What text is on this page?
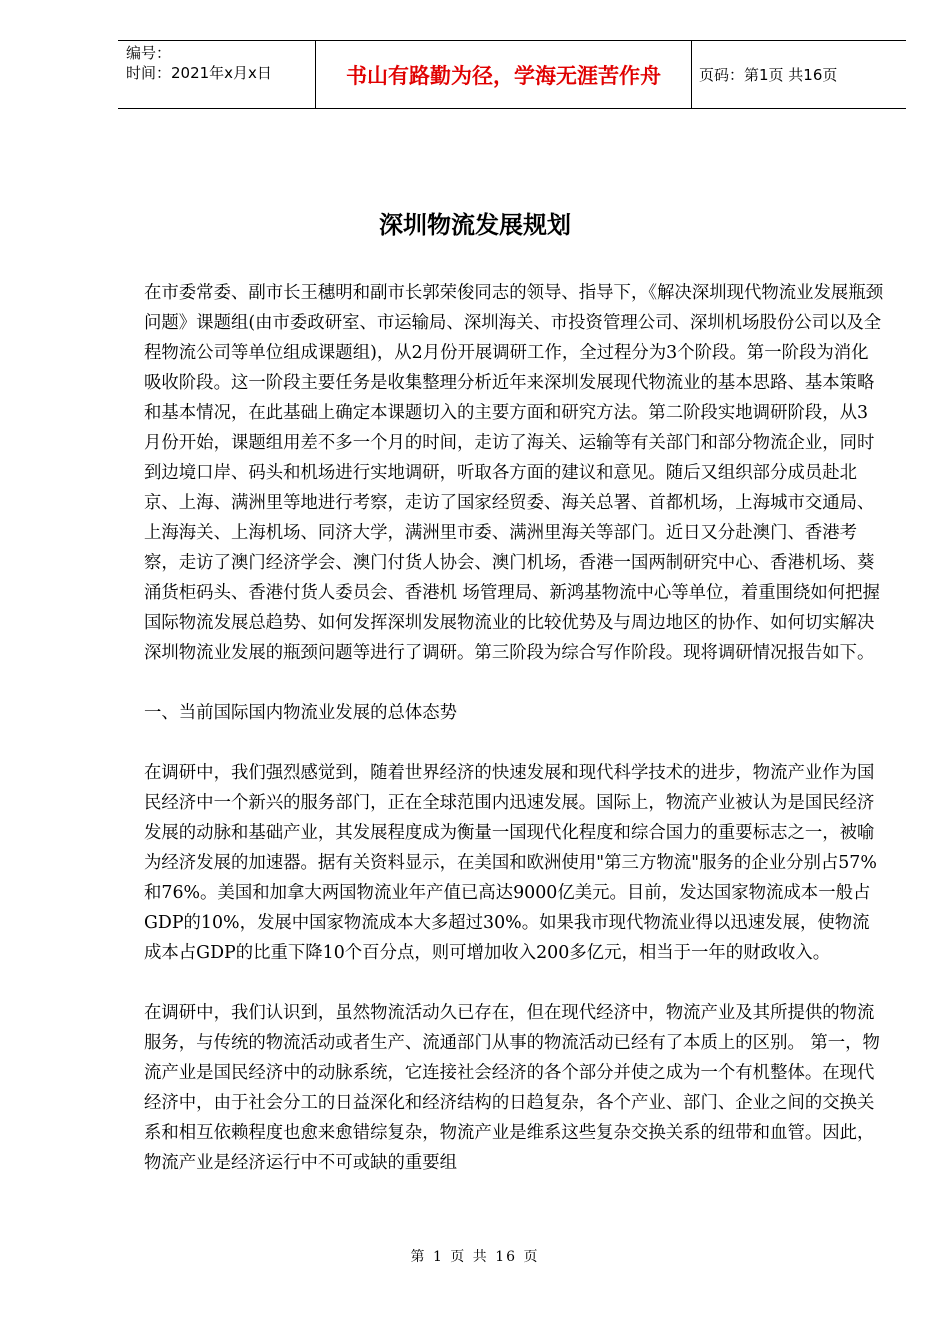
编号：
时间：2021年x月x日	书山有路勤为径，学海无涯苦作舟	页码：第1页 共16页
深圳物流发展规划

在市委常委、副市长王穗明和副市长郭荣俊同志的领导、指导下，《解决深圳现代物流业发展瓶颈问题》课题组(由市委政研室、市运输局、深圳海关、市投资管理公司、深圳机场股份公司以及全程物流公司等单位组成课题组)，从2月份开展调研工作，全过程分为3个阶段。第一阶段为消化吸收阶段。这一阶段主要任务是收集整理分析近年来深圳发展现代物流业的基本思路、基本策略和基本情况，在此基础上确定本课题切入的主要方面和研究方法。第二阶段实地调研阶段，从3月份开始，课题组用差不多一个月的时间，走访了海关、运输等有关部门和部分物流企业，同时到边境口岸、码头和机场进行实地调研，听取各方面的建议和意见。随后又组织部分成员赴北京、上海、满洲里等地进行考察，走访了国家经贸委、海关总署、首都机场，上海城市交通局、上海海关、上海机场、同济大学，满洲里市委、满洲里海关等部门。近日又分赴澳门、香港考察，走访了澳门经济学会、澳门付货人协会、澳门机场，香港一国两制研究中心、香港机场、葵涌货柜码头、香港付货人委员会、香港机 场管理局、新鸿基物流中心等单位，着重围绕如何把握国际物流发展总趋势、如何发挥深圳发展物流业的比较优势及与周边地区的协作、如何切实解决深圳物流业发展的瓶颈问题等进行了调研。第三阶段为综合写作阶段。现将调研情况报告如下。

一、当前国际国内物流业发展的总体态势

在调研中，我们强烈感觉到，随着世界经济的快速发展和现代科学技术的进步，物流产业作为国民经济中一个新兴的服务部门，正在全球范围内迅速发展。国际上，物流产业被认为是国民经济发展的动脉和基础产业，其发展程度成为衡量一国现代化程度和综合国力的重要标志之一，被喻为经济发展的加速器。据有关资料显示，在美国和欧洲使用"第三方物流"服务的企业分别占57%和76%。美国和加拿大两国物流业年产值已高达9000亿美元。目前，发达国家物流成本一般占GDP的10%，发展中国家物流成本大多超过30%。如果我市现代物流业得以迅速发展，使物流成本占GDP的比重下降10个百分点，则可增加收入200多亿元，相当于一年的财政收入。

在调研中，我们认识到，虽然物流活动久已存在，但在现代经济中，物流产业及其所提供的物流服务，与传统的物流活动或者生产、流通部门从事的物流活动已经有了本质上的区别。 第一，物流产业是国民经济中的动脉系统，它连接社会经济的各个部分并使之成为一个有机整体。在现代经济中，由于社会分工的日益深化和经济结构的日趋复杂，各个产业、部门、企业之间的交换关系和相互依赖程度也愈来愈错综复杂，物流产业是维系这些复杂交换关系的纽带和血管。因此，物流产业是经济运行中不可或缺的重要组

第 1 页 共 16 页
